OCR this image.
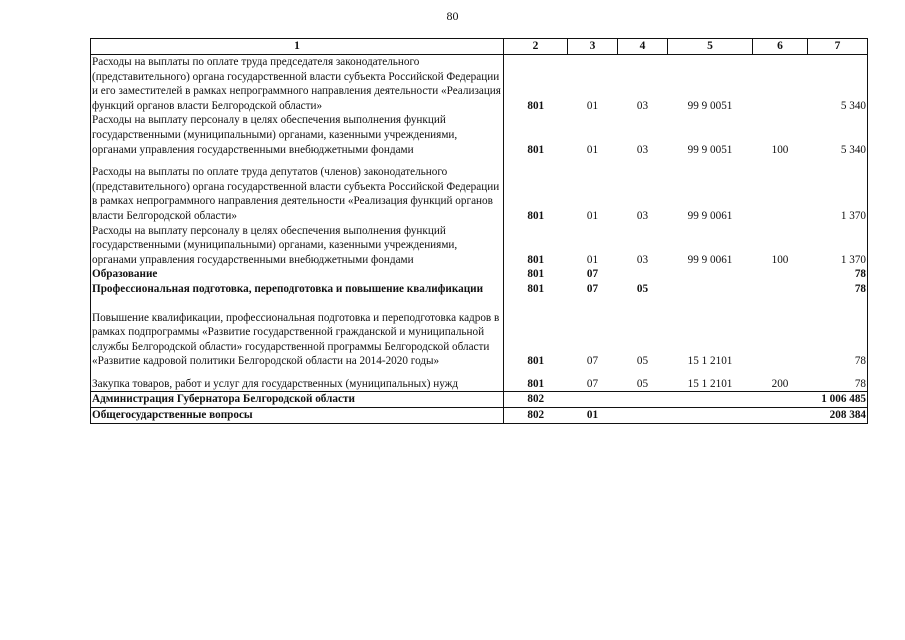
80
1	2	3	4	5	6	7
Расходы на выплаты по оплате труда председателя законодательного (представительного) органа государственной власти субъекта Российской Федерации и его заместителей в рамках непрограммного направления деятельности «Реализация функций органов власти Белгородской области»	801	01	03	99 9 0051		5 340
Расходы на выплату персоналу в целях обеспечения выполнения функций государственными (муниципальными) органами, казенными учреждениями, органами управления государственными внебюджетными фондами	801	01	03	99 9 0051	100	5 340
Расходы на выплаты по оплате труда депутатов (членов) законодательного (представительного) органа государственной власти субъекта Российской Федерации в рамках непрограммного направления деятельности «Реализация функций органов власти Белгородской области»	801	01	03	99 9 0061		1 370
Расходы на выплату персоналу в целях обеспечения выполнения функций государственными (муниципальными) органами, казенными учреждениями, органами управления государственными внебюджетными фондами	801	01	03	99 9 0061	100	1 370
Образование	801	07				78
Профессиональная подготовка, переподготовка и повышение квалификации	801	07	05			78
Повышение квалификации, профессиональная подготовка и переподготовка кадров в рамках подпрограммы «Развитие государственной гражданской и муниципальной службы Белгородской области» государственной программы Белгородской области «Развитие кадровой политики Белгородской области на 2014-2020 годы»	801	07	05	15 1 2101		78
Закупка товаров, работ и услуг для государственных (муниципальных) нужд	801	07	05	15 1 2101	200	78
Администрация Губернатора Белгородской области	802					1 006 485
Общегосударственные вопросы	802	01				208 384
